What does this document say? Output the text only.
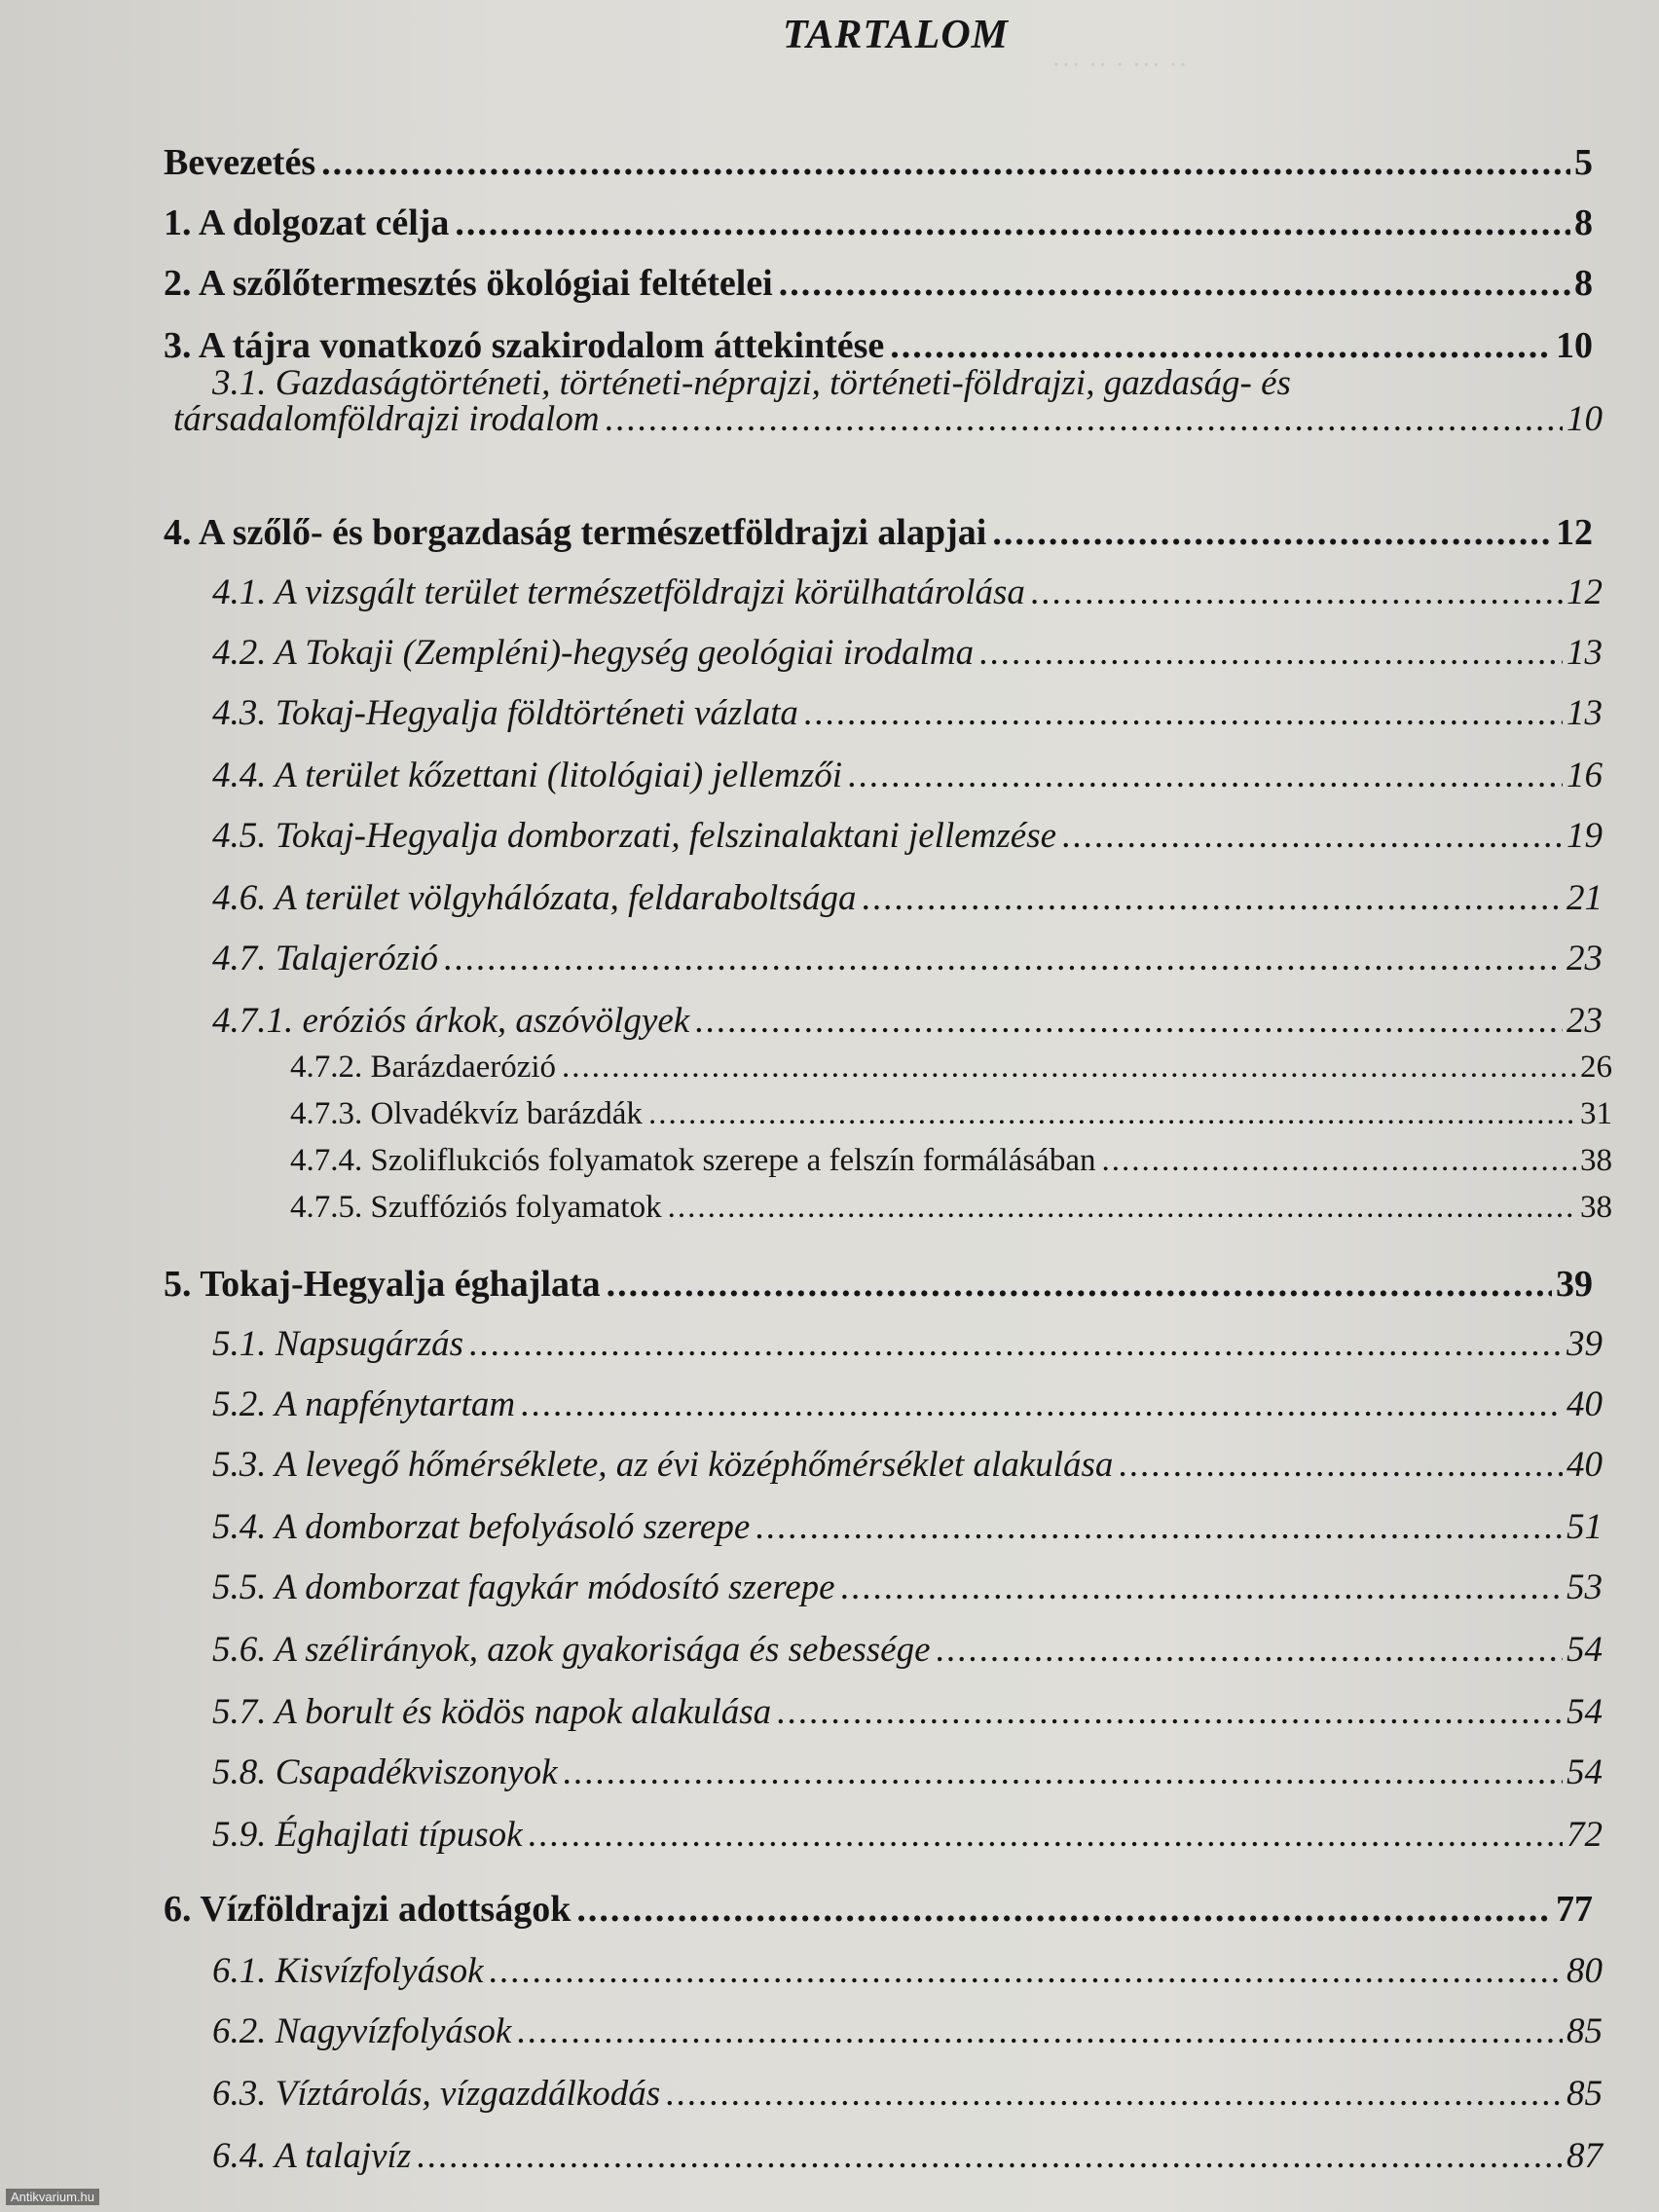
··· ·· · ··· ··
TARTALOM
Bevezetés .....	5
1. A dolgozat célja .....	8
2. A szőlőtermesztés ökológiai feltételei .....	8
3. A tájra vonatkozó szakirodalom áttekintése .....	10
3.1. Gazdaságtörténeti, történeti-néprajzi, történeti-földrajzi, gazdaság- és
társadalomföldrajzi irodalom .....	10
4. A szőlő- és borgazdaság természetföldrajzi alapjai .....	12
4.1. A vizsgált terület természetföldrajzi körülhatárolása .....	12
4.2. A Tokaji (Zempléni)-hegység geológiai irodalma .....	13
4.3. Tokaj-Hegyalja földtörténeti vázlata .....	13
4.4. A terület kőzettani (litológiai) jellemzői .....	16
4.5. Tokaj-Hegyalja domborzati, felszinalaktani jellemzése .....	19
4.6. A terület völgyhálózata, feldaraboltsága .....	21
4.7. Talajerózió .....	23
4.7.1. eróziós árkok, aszóvölgyek .....	23
4.7.2. Barázdaerózió .....	26
4.7.3. Olvadékvíz barázdák .....	31
4.7.4. Szoliflukciós folyamatok szerepe a felszín formálásában .....	38
4.7.5. Szuffóziós folyamatok .....	38
5. Tokaj-Hegyalja éghajlata .....	39
5.1. Napsugárzás .....	39
5.2. A napfénytartam .....	40
5.3. A levegő hőmérséklete, az évi középhőmérséklet alakulása .....	40
5.4. A domborzat befolyásoló szerepe .....	51
5.5. A domborzat fagykár módosító szerepe .....	53
5.6. A szélirányok, azok gyakorisága és sebessége .....	54
5.7. A borult és ködös napok alakulása .....	54
5.8. Csapadékviszonyok .....	54
5.9. Éghajlati típusok .....	72
6. Vízföldrajzi adottságok .....	77
6.1. Kisvízfolyások .....	80
6.2. Nagyvízfolyások .....	85
6.3. Víztárolás, vízgazdálkodás .....	85
6.4. A talajvíz .....	87
Antikvarium.hu
